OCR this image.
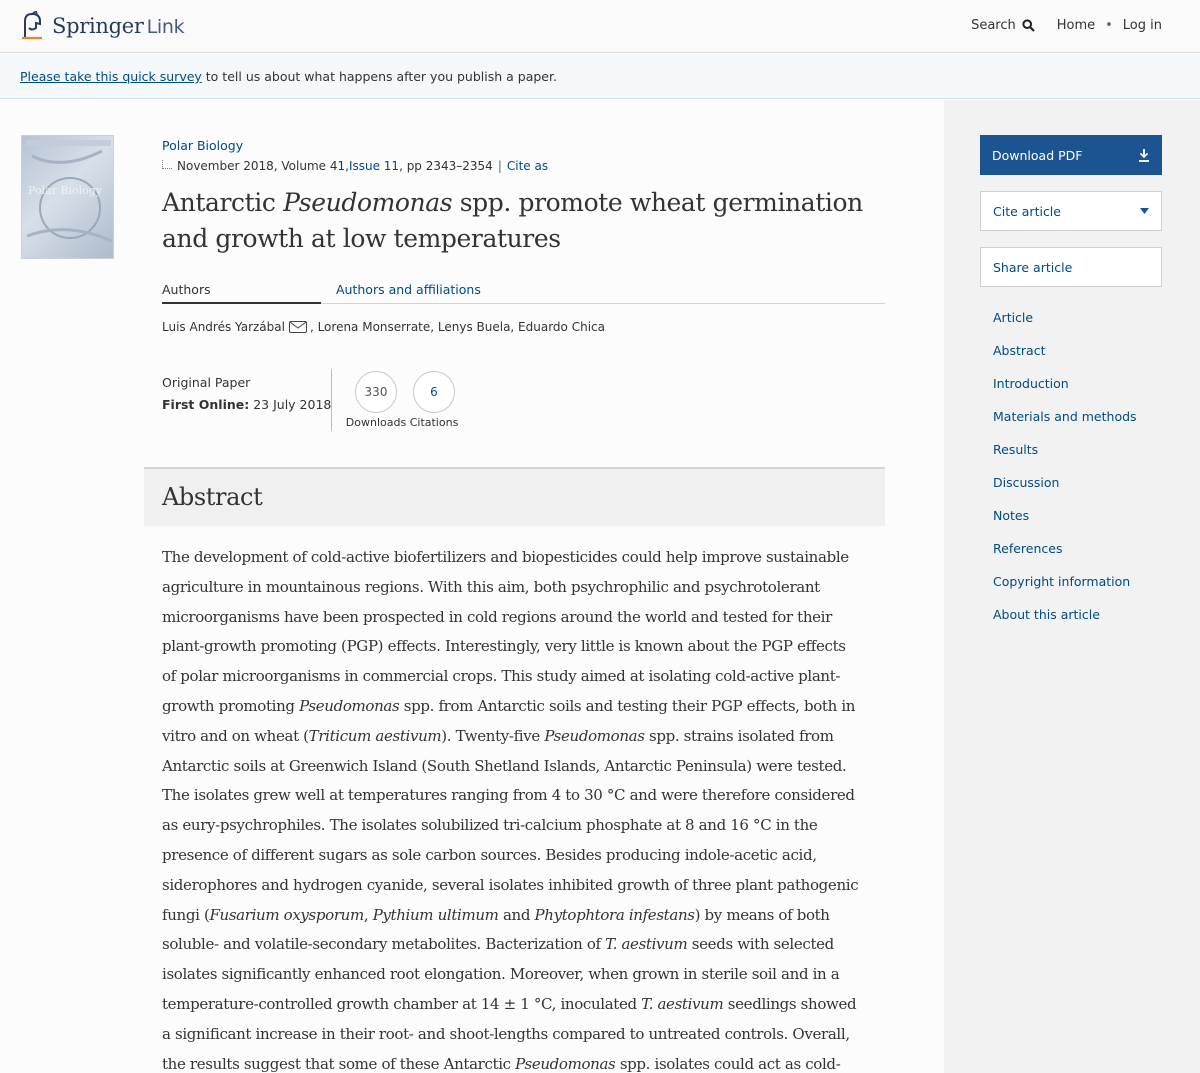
Springer Link	Search	Home • Log in
Please take this quick survey to tell us about what happens after you publish a paper.
Polar Biology
Polar Biology
November 2018, Volume 41, Issue 11 , pp 2343–2354 | Cite as
Antarctic Pseudomonas spp. promote wheat germination and growth at low temperatures
Authors	Authors and affiliations
Luis Andrés Yarzábal , Lorena Monserrate, Lenys Buela, Eduardo Chica
Original Paper
First Online: 23 July 2018
330
Downloads
6
Citations
Abstract

The development of cold-active biofertilizers and biopesticides could help improve sustainable

agriculture in mountainous regions. With this aim, both psychrophilic and psychrotolerant

microorganisms have been prospected in cold regions around the world and tested for their

plant-growth promoting (PGP) effects. Interestingly, very little is known about the PGP effects

of polar microorganisms in commercial crops. This study aimed at isolating cold-active plant-

growth promoting Pseudomonas spp. from Antarctic soils and testing their PGP effects, both in

vitro and on wheat (Triticum aestivum). Twenty-five Pseudomonas spp. strains isolated from

Antarctic soils at Greenwich Island (South Shetland Islands, Antarctic Peninsula) were tested.

The isolates grew well at temperatures ranging from 4 to 30 °C and were therefore considered

as eury-psychrophiles. The isolates solubilized tri-calcium phosphate at 8 and 16 °C in the

presence of different sugars as sole carbon sources. Besides producing indole-acetic acid,

siderophores and hydrogen cyanide, several isolates inhibited growth of three plant pathogenic

fungi (Fusarium oxysporum, Pythium ultimum and Phytophtora infestans) by means of both

soluble- and volatile-secondary metabolites. Bacterization of T. aestivum seeds with selected

isolates significantly enhanced root elongation. Moreover, when grown in sterile soil and in a

temperature-controlled growth chamber at 14 ± 1 °C, inoculated T. aestivum seedlings showed

a significant increase in their root- and shoot-lengths compared to untreated controls. Overall,

the results suggest that some of these Antarctic Pseudomonas spp. isolates could act as cold-

Download PDF
Cite article
Share article
Article
Abstract
Introduction
Materials and methods
Results
Discussion
Notes
References
Copyright information
About this article
